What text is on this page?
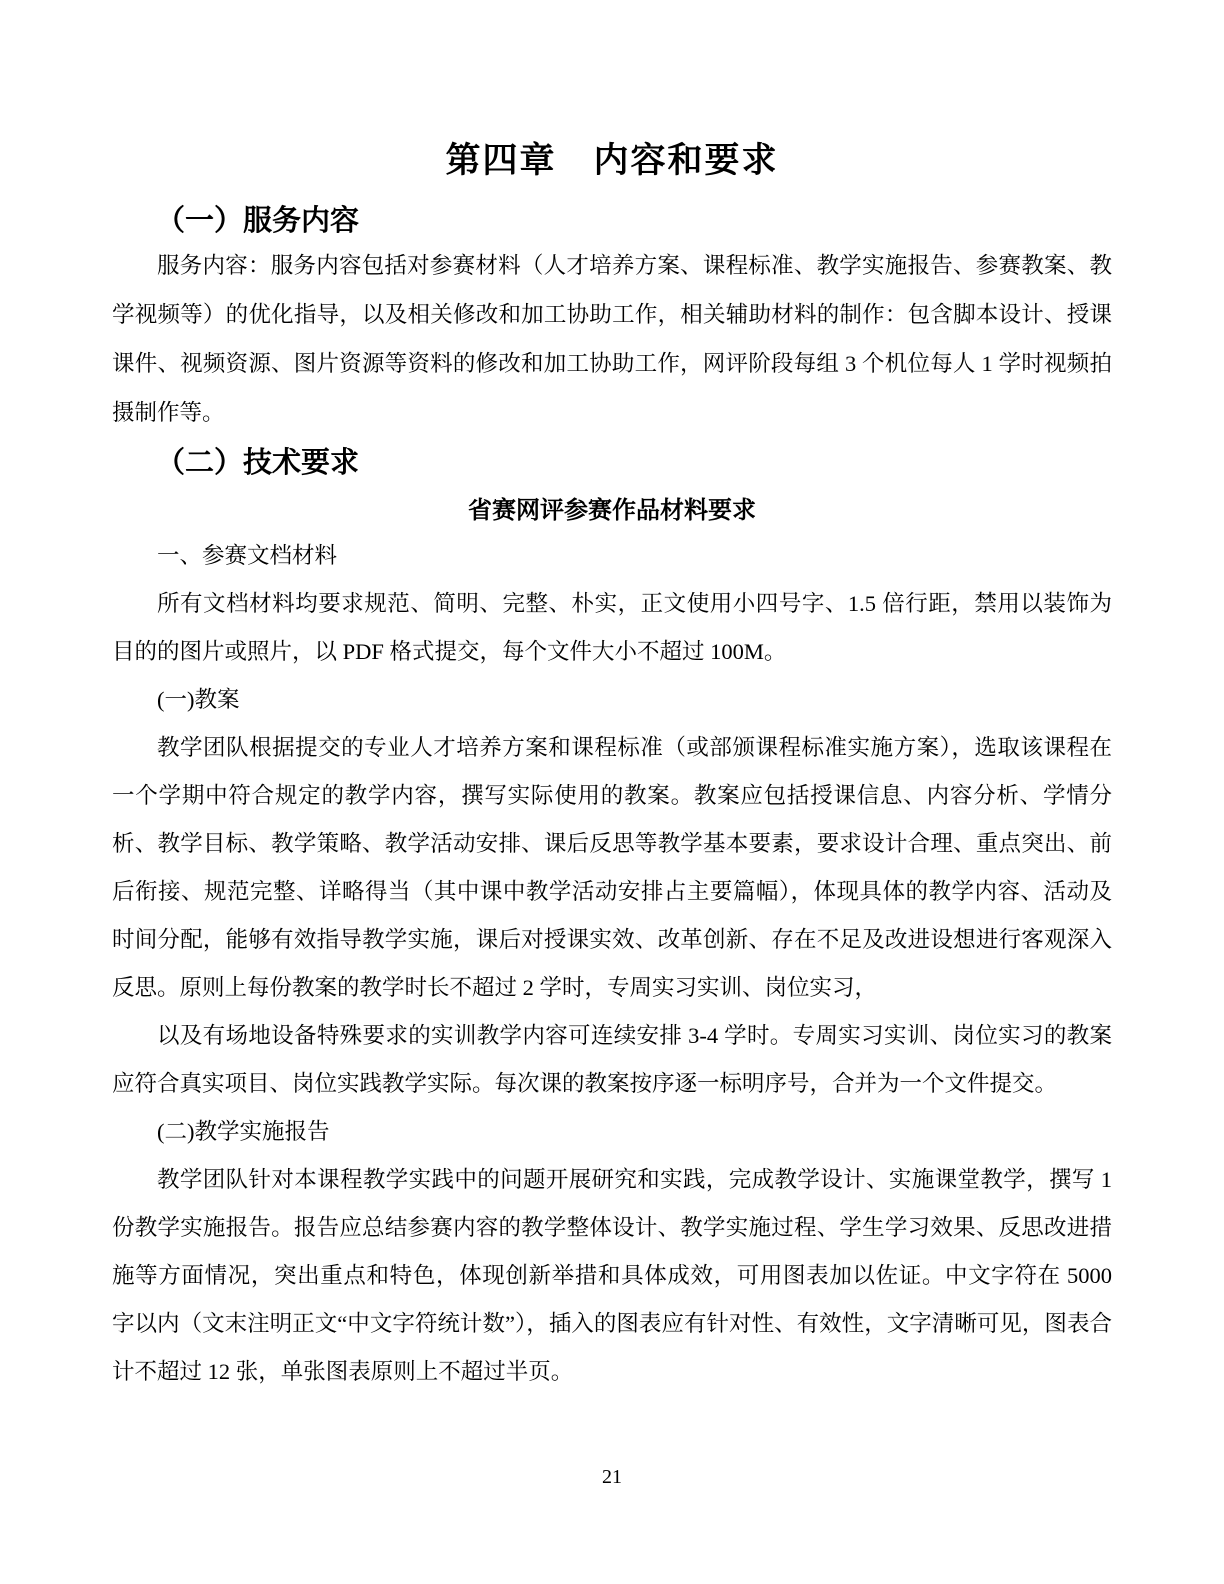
第四章　内容和要求
（一）服务内容

服务内容：服务内容包括对参赛材料（人才培养方案、课程标准、教学实施报告、参赛教案、教学视频等）的优化指导，以及相关修改和加工协助工作，相关辅助材料的制作：包含脚本设计、授课课件、视频资源、图片资源等资料的修改和加工协助工作，网评阶段每组 3 个机位每人 1 学时视频拍摄制作等。

（二）技术要求
省赛网评参赛作品材料要求

一、参赛文档材料

所有文档材料均要求规范、简明、完整、朴实，正文使用小四号字、1.5 倍行距，禁用以装饰为目的的图片或照片，以 PDF 格式提交，每个文件大小不超过 100M。

(一)教案

教学团队根据提交的专业人才培养方案和课程标准（或部颁课程标准实施方案），选取该课程在一个学期中符合规定的教学内容，撰写实际使用的教案。教案应包括授课信息、内容分析、学情分析、教学目标、教学策略、教学活动安排、课后反思等教学基本要素，要求设计合理、重点突出、前后衔接、规范完整、详略得当（其中课中教学活动安排占主要篇幅），体现具体的教学内容、活动及时间分配，能够有效指导教学实施，课后对授课实效、改革创新、存在不足及改进设想进行客观深入反思。原则上每份教案的教学时长不超过 2 学时，专周实习实训、岗位实习，

以及有场地设备特殊要求的实训教学内容可连续安排 3-4 学时。专周实习实训、岗位实习的教案应符合真实项目、岗位实践教学实际。每次课的教案按序逐一标明序号，合并为一个文件提交。

(二)教学实施报告

教学团队针对本课程教学实践中的问题开展研究和实践，完成教学设计、实施课堂教学，撰写 1 份教学实施报告。报告应总结参赛内容的教学整体设计、教学实施过程、学生学习效果、反思改进措施等方面情况，突出重点和特色，体现创新举措和具体成效，可用图表加以佐证。中文字符在 5000 字以内（文末注明正文“中文字符统计数”），插入的图表应有针对性、有效性，文字清晰可见，图表合计不超过 12 张，单张图表原则上不超过半页。

21
